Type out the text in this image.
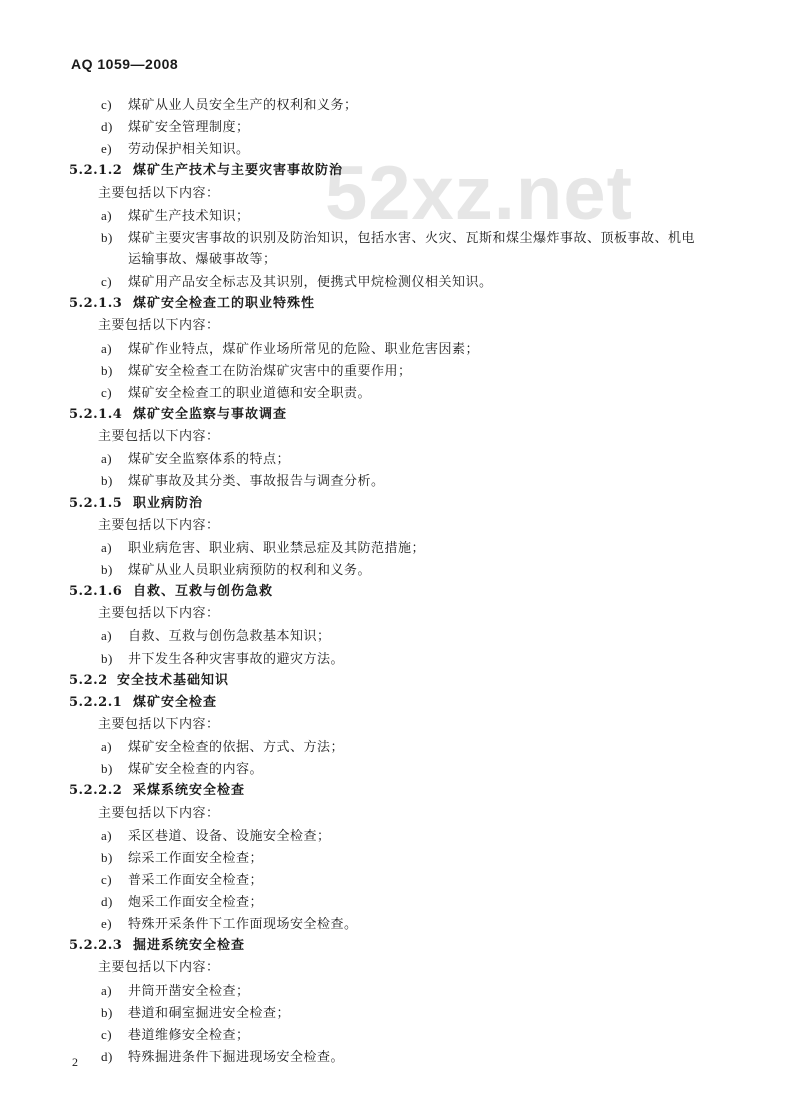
AQ 1059—2008
52xz.net
c) 煤矿从业人员安全生产的权利和义务；
d) 煤矿安全管理制度；
e) 劳动保护相关知识。
5.2.1.2 煤矿生产技术与主要灾害事故防治
主要包括以下内容：
a) 煤矿生产技术知识；
b) 煤矿主要灾害事故的识别及防治知识，包括水害、火灾、瓦斯和煤尘爆炸事故、顶板事故、机电
运输事故、爆破事故等；
c) 煤矿用产品安全标志及其识别，便携式甲烷检测仪相关知识。
5.2.1.3 煤矿安全检查工的职业特殊性
主要包括以下内容：
a) 煤矿作业特点，煤矿作业场所常见的危险、职业危害因素；
b) 煤矿安全检查工在防治煤矿灾害中的重要作用；
c) 煤矿安全检查工的职业道德和安全职责。
5.2.1.4 煤矿安全监察与事故调查
主要包括以下内容：
a) 煤矿安全监察体系的特点；
b) 煤矿事故及其分类、事故报告与调查分析。
5.2.1.5 职业病防治
主要包括以下内容：
a) 职业病危害、职业病、职业禁忌症及其防范措施；
b) 煤矿从业人员职业病预防的权利和义务。
5.2.1.6 自救、互救与创伤急救
主要包括以下内容：
a) 自救、互救与创伤急救基本知识；
b) 井下发生各种灾害事故的避灾方法。
5.2.2 安全技术基础知识
5.2.2.1 煤矿安全检查
主要包括以下内容：
a) 煤矿安全检查的依据、方式、方法；
b) 煤矿安全检查的内容。
5.2.2.2 采煤系统安全检查
主要包括以下内容：
a) 采区巷道、设备、设施安全检查；
b) 综采工作面安全检查；
c) 普采工作面安全检查；
d) 炮采工作面安全检查；
e) 特殊开采条件下工作面现场安全检查。
5.2.2.3 掘进系统安全检查
主要包括以下内容：
a) 井筒开凿安全检查；
b) 巷道和硐室掘进安全检查；
c) 巷道维修安全检查；
d) 特殊掘进条件下掘进现场安全检查。
2
